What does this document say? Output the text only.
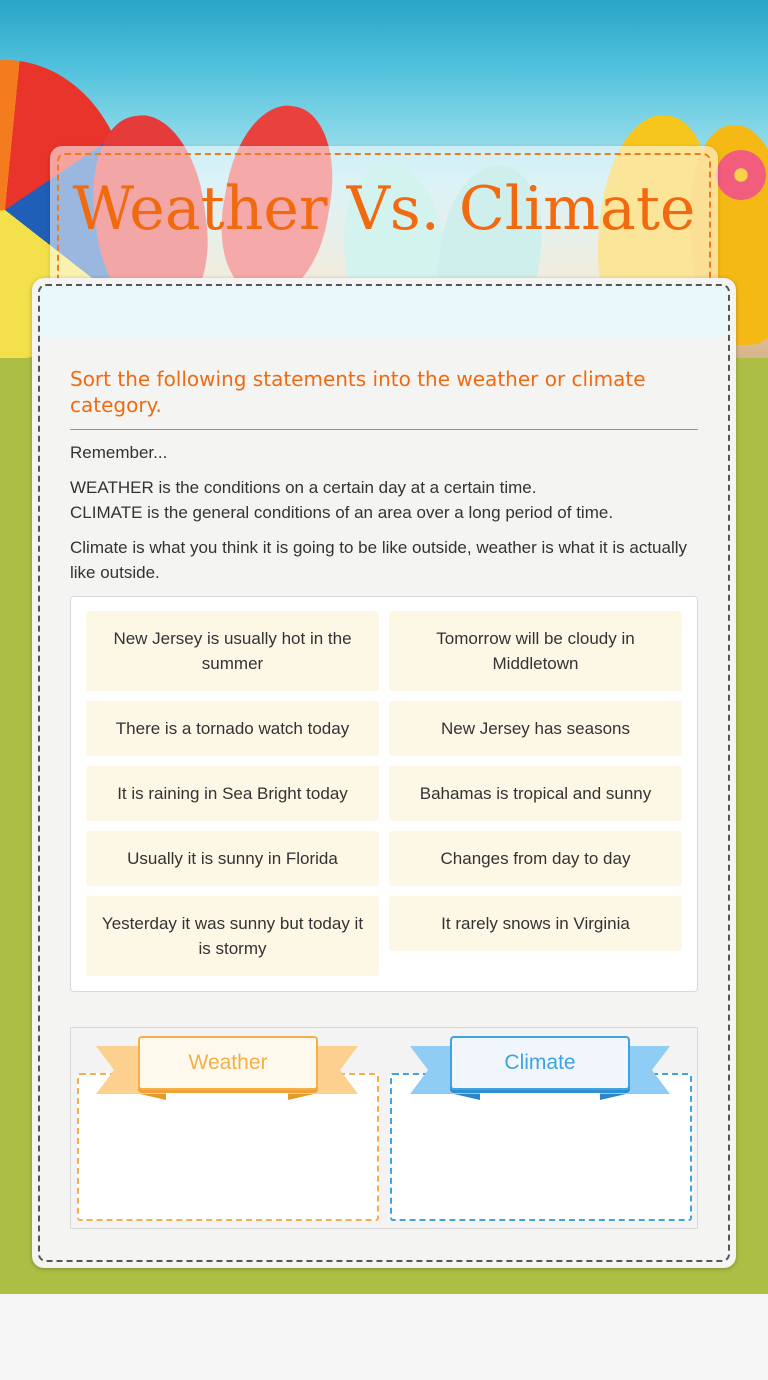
Weather Vs. Climate
Sort the following statements into the weather or climate category.

Remember...

WEATHER is the conditions on a certain day at a certain time.

CLIMATE is the general conditions of an area over a long period of time.

Climate is what you think it is going to be like outside, weather is what it is actually like outside.

New Jersey is usually hot in the summer
Tomorrow will be cloudy in Middletown
There is a tornado watch today	New Jersey has seasons
It is raining in Sea Bright today	Bahamas is tropical and sunny
Usually it is sunny in Florida	Changes from day to day
Yesterday it was sunny but today it is stormy
It rarely snows in Virginia
Weather	Climate
